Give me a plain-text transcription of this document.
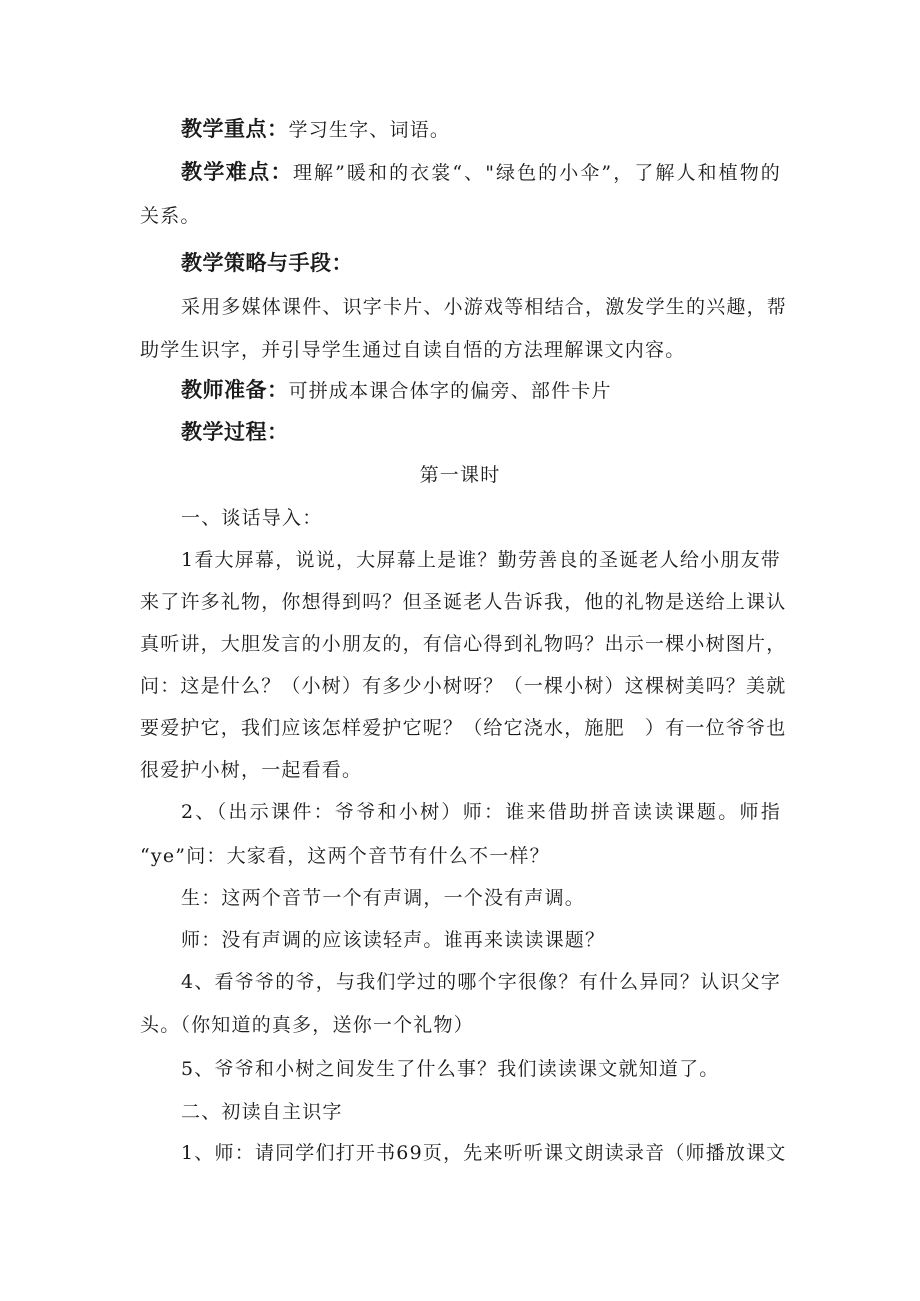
教学重点：学习生字、词语。
教学难点：理解”暖和的衣裳“、"绿色的小伞”，了解人和植物的
关系。
教学策略与手段：
采用多媒体课件、识字卡片、小游戏等相结合，激发学生的兴趣，帮
助学生识字，并引导学生通过自读自悟的方法理解课文内容。
教师准备：可拼成本课合体字的偏旁、部件卡片
教学过程：
第一课时
一、谈话导入：
1看大屏幕，说说，大屏幕上是谁？勤劳善良的圣诞老人给小朋友带
来了许多礼物，你想得到吗？但圣诞老人告诉我，他的礼物是送给上课认
真听讲，大胆发言的小朋友的，有信心得到礼物吗？出示一棵小树图片，
问：这是什么？（小树）有多少小树呀？（一棵小树）这棵树美吗？美就
要爱护它，我们应该怎样爱护它呢？（给它浇水，施肥　）有一位爷爷也
很爱护小树，一起看看。
2、（出示课件：爷爷和小树）师：谁来借助拼音读读课题。师指
“ye”问：大家看，这两个音节有什么不一样？
生：这两个音节一个有声调，一个没有声调。
师：没有声调的应该读轻声。谁再来读读课题？
4、看爷爷的爷，与我们学过的哪个字很像？有什么异同？认识父字
头。（你知道的真多，送你一个礼物）
5、爷爷和小树之间发生了什么事？我们读读课文就知道了。
二、初读自主识字
1、师：请同学们打开书69页，先来听听课文朗读录音（师播放课文
